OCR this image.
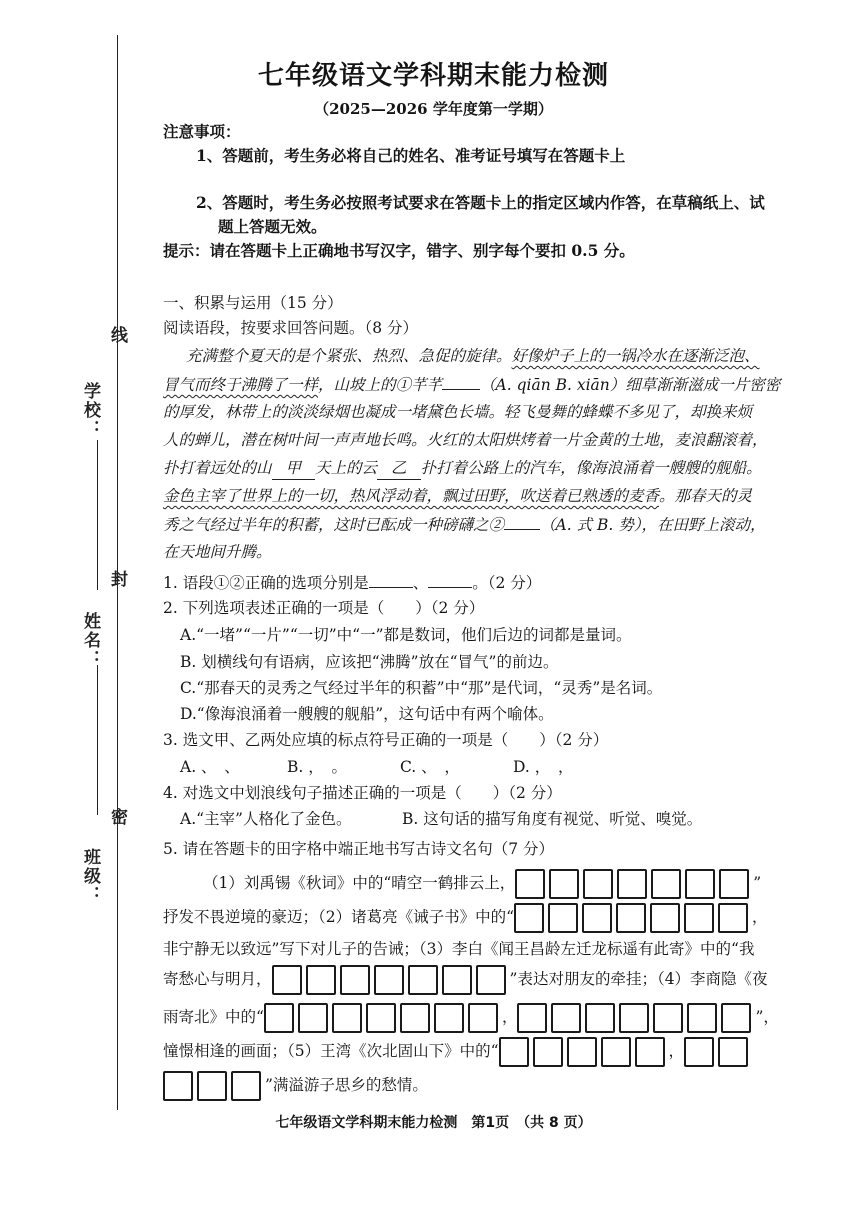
学校：
线
姓名：
封
班级：
密
七年级语文学科期末能力检测
（2025—2026 学年度第一学期）
注意事项：
1、答题前，考生务必将自己的姓名、准考证号填写在答题卡上
2、答题时，考生务必按照考试要求在答题卡上的指定区域内作答，在草稿纸上、试
题上答题无效。
提示：请在答题卡上正确地书写汉字，错字、别字每个要扣 0.5 分。
一、积累与运用（15 分）
阅读语段，按要求回答问题。（8 分）
充满整个夏天的是个紧张、热烈、急促的旋律。好像炉子上的一锅冷水在逐渐泛泡、
冒气而终于沸腾了一样，山坡上的①芊芊 （A. qiān B. xiān）细草渐渐滋成一片密密
的厚发，林带上的淡淡绿烟也凝成一堵黛色长墙。轻飞曼舞的蜂蝶不多见了，却换来烦
人的蝉儿，潜在树叶间一声声地长鸣。火红的太阳烘烤着一片金黄的土地，麦浪翻滚着，
扑打着远处的山 甲 天上的云 乙 扑打着公路上的汽车，像海浪涌着一艘艘的舰船。
金色主宰了世界上的一切，热风浮动着，飘过田野，吹送着已熟透的麦香。那春天的灵
秀之气经过半年的积蓄，这时已酝成一种磅礴之② （A. 式 B. 势），在田野上滚动，
在天地间升腾。
1. 语段①②正确的选项分别是	、	。（2 分）
2. 下列选项表述正确的一项是（　　）（2 分）
A.“一堵”“一片”“一切”中“一”都是数词，他们后边的词都是量词。
B. 划横线句有语病，应该把“沸腾”放在“冒气”的前边。
C.“那春天的灵秀之气经过半年的积蓄”中“那”是代词，“灵秀”是名词。
D.“像海浪涌着一艘艘的舰船”，这句话中有两个喻体。
3. 选文甲、乙两处应填的标点符号正确的一项是（　　）（2 分）
A. 、　、	B. ，　。	C. 、　，	D. ，　，
4. 对选文中划浪线句子描述正确的一项是（　　）（2 分）
A.“主宰”人格化了金色。	B. 这句话的描写角度有视觉、听觉、嗅觉。
5. 请在答题卡的田字格中端正地书写古诗文名句（7 分）
（1）刘禹锡《秋词》中的“晴空一鹤排云上，	”
抒发不畏逆境的豪迈；（2）诸葛亮《诫子书》中的“	，
非宁静无以致远”写下对儿子的告诫；（3）李白《闻王昌龄左迁龙标遥有此寄》中的“我
寄愁心与明月，	”表达对朋友的牵挂；（4）李商隐《夜
雨寄北》中的“	，	”，
憧憬相逢的画面；（5）王湾《次北固山下》中的“	，
”满溢游子思乡的愁情。
七年级语文学科期末能力检测　第1页　（共 8 页）
